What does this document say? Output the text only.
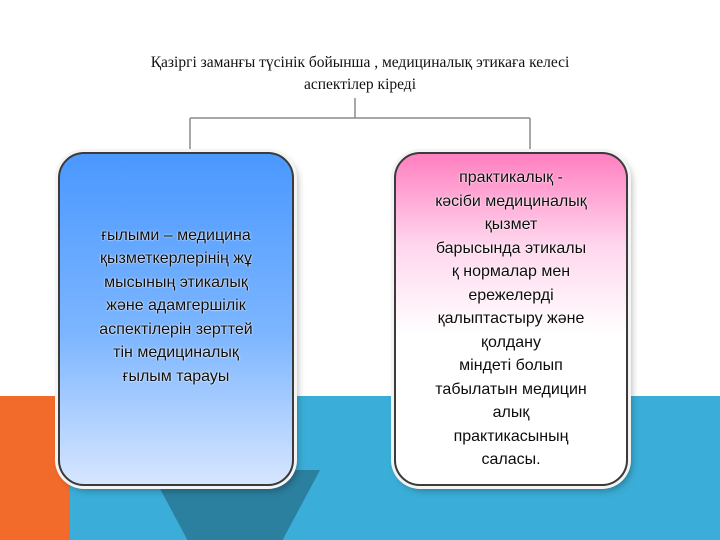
Қазіргі заманғы түсінік бойынша , медициналық этикаға келесі
аспектілер кіреді
ғылыми – медицина
қызметкерлерінің жұ
мысының этикалық
және адамгершілік
аспектілерін зерттей
тін медициналық
ғылым тарауы
практикалық -
кәсіби медициналық
қызмет
барысында этикалы
қ нормалар мен
ережелерді
қалыптастыру және
қолдану
міндеті болып
табылатын медицин
алық
практикасының
саласы.
